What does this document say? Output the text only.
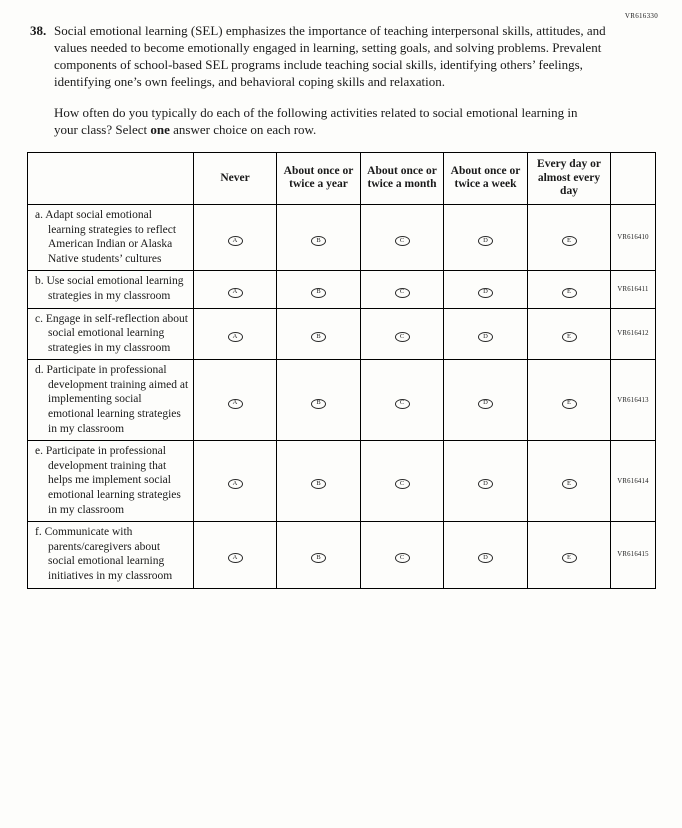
VR616330
38. Social emotional learning (SEL) emphasizes the importance of teaching interpersonal skills, attitudes, and values needed to become emotionally engaged in learning, setting goals, and solving problems. Prevalent components of school-based SEL programs include teaching social skills, identifying others’ feelings, identifying one’s own feelings, and behavioral coping skills and relaxation.
How often do you typically do each of the following activities related to social emotional learning in your class? Select one answer choice on each row.
	Never	About once or twice a year	About once or twice a month	About once or twice a week	Every day or almost every day	

a. Adapt social emotional learning strategies to reflect American Indian or Alaska Native students’ cultures	A	B	C	D	E	VR616410

b. Use social emotional learning strategies in my classroom	A	B	C	D	E	VR616411

c. Engage in self-reflection about social emotional learning strategies in my classroom	A	B	C	D	E	VR616412

d. Participate in professional development training aimed at implementing social emotional learning strategies in my classroom	A	B	C	D	E	VR616413

e. Participate in professional development training that helps me implement social emotional learning strategies in my classroom	A	B	C	D	E	VR616414

f. Communicate with parents/caregivers about social emotional learning initiatives in my classroom	A	B	C	D	E	VR616415
